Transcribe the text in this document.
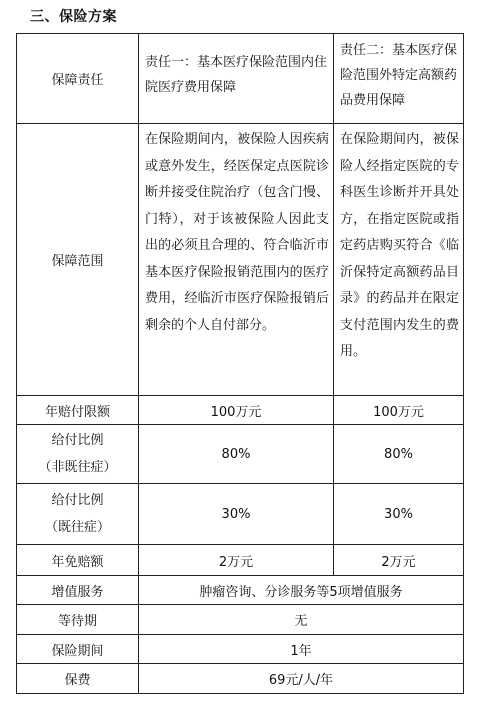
三、保险方案
保障责任	责任一：基本医疗保险范围内住院医疗费用保障	责任二：基本医疗保险范围外特定高额药品费用保障
保障范围	在保险期间内，被保险人因疾病或意外发生，经医保定点医院诊断并接受住院治疗（包含门慢、门特），对于该被保险人因此支出的必须且合理的、符合临沂市基本医疗保险报销范围内的医疗费用，经临沂市医疗保险报销后剩余的个人自付部分。	在保险期间内，被保险人经指定医院的专科医生诊断并开具处方，在指定医院或指定药店购买符合《临沂保特定高额药品目录》的药品并在限定支付范围内发生的费用。
年赔付限额	100万元	100万元

给付比例
（非既往症）	80%	80%

给付比例
（既往症）	30%	30%
年免赔额	2万元	2万元
增值服务	肿瘤咨询、分诊服务等5项增值服务	
等待期	无	
保险期间	1年	
保费	69元/人/年	
